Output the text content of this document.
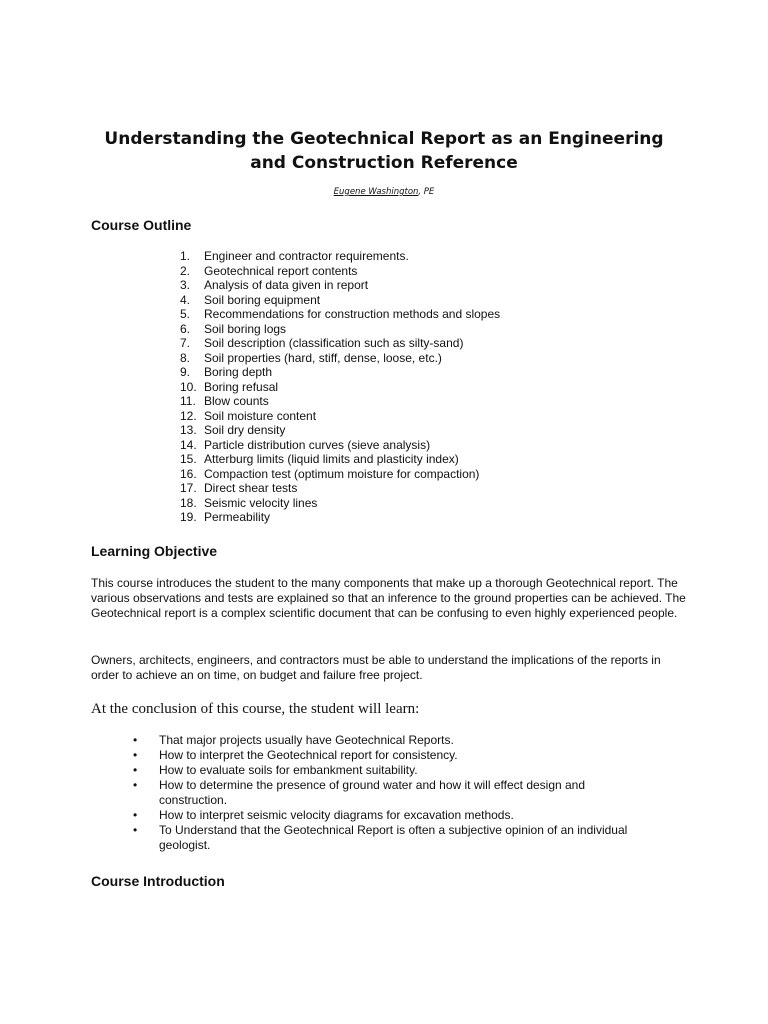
Understanding the Geotechnical Report as an Engineering
and Construction Reference
Eugene Washington, PE
Course Outline
1.	Engineer and contractor requirements.
2.	Geotechnical report contents
3.	Analysis of data given in report
4.	Soil boring equipment
5.	Recommendations for construction methods and slopes
6.	Soil boring logs
7.	Soil description (classification such as silty-sand)
8.	Soil properties (hard, stiff, dense, loose, etc.)
9.	Boring depth
10. Boring refusal
11. Blow counts
12. Soil moisture content
13. Soil dry density
14. Particle distribution curves (sieve analysis)
15. Atterburg limits (liquid limits and plasticity index)
16. Compaction test (optimum moisture for compaction)
17. Direct shear tests
18. Seismic velocity lines
19. Permeability
Learning Objective

This course introduces the student to the many components that make up a thorough Geotechnical report. The various observations and tests are explained so that an inference to the ground properties can be achieved. The Geotechnical report is a complex scientific document that can be confusing to even highly experienced people.

Owners, architects, engineers, and contractors must be able to understand the implications of the reports in order to achieve an on time, on budget and failure free project.

At the conclusion of this course, the student will learn:

•	That major projects usually have Geotechnical Reports.
•	How to interpret the Geotechnical report for consistency.
•	How to evaluate soils for embankment suitability.
•	How to determine the presence of ground water and how it will effect design and construction.
•	How to interpret seismic velocity diagrams for excavation methods.
•	To Understand that the Geotechnical Report is often a subjective opinion of an individual geologist.
Course Introduction
